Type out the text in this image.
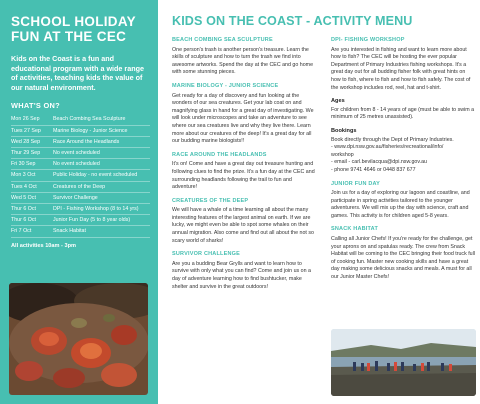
SCHOOL HOLIDAY
FUN AT THE CEC

Kids on the Coast is a fun and educational program with a wide range of activities, teaching kids the value of our natural environment.

WHAT'S ON?
Mon 26 Sep	Beach Combing Sea Sculpture
Tues 27 Sep	Marine Biology - Junior Science
Wed 28 Sep	Race Around the Headlands
Thur 29 Sep	No event scheduled
Fri 30 Sep	No event scheduled
Mon 3 Oct	Public Holiday - no event scheduled
Tues 4 Oct	Creatures of the Deep
Wed 5 Oct	Survivor Challenge
Thur 6 Oct	DPI - Fishing Workshop (8 to 14 yrs)
Thur 6 Oct	Junior Fun Day (5 to 8 year olds)
Fri 7 Oct	Snack Habitat

All activities 10am - 3pm

KIDS ON THE COAST - ACTIVITY MENU
BEACH COMBING SEA SCULPTURE

One person's trash is another person's treasure. Learn the skills of sculpture and how to turn the trash we find into awesome artworks. Spend the day at the CEC and go home with some stunning pieces.

MARINE BIOLOGY - JUNIOR SCIENCE

Get ready for a day of discovery and fun looking at the wonders of our sea creatures. Get your lab coat on and magnifying glass in hand for a great day of investigating. We will look under microscopes and take an adventure to see where our sea creatures live and why they live there. Learn more about our creatures of the deep! It's a great day for all our budding marine biologists!!

RACE AROUND THE HEADLANDS

It's on! Come and have a great day out treasure hunting and following clues to find the prize. It's a fun day at the CEC and surrounding headlands following the trail to fun and adventure!

CREATURES OF THE DEEP

We will have a whale of a time learning all about the many interesting features of the largest animal on earth. If we are lucky, we might even be able to spot some whales on their annual migration. Also come and find out all about the not so scary world of sharks!

SURVIVOR CHALLENGE

Are you a budding Bear Grylls and want to learn how to survive with only what you can find? Come and join us on a day of adventure learning how to find bushtucker, make shelter and survive in the great outdoors!

DPI- FISHING WORKSHOP

Are you interested in fishing and want to learn more about how to fish? The CEC will be hosting the ever popular Department of Primary Industries fishing workshops. It's a great day out for all budding fisher folk with great hints on how to fish, where to fish and how to fish safely. The cost of the workshop includes rod, reel, hat and t-shirt.

Ages

For children from 8 - 14 years of age (must be able to swim a minimum of 25 metres unassisted).

Bookings

Book directly through the Dept of Primary Industries.
- www.dpi.nsw.gov.au/fisheries/recreational/info/
workshop
- email - carl.bevilacqua@dpi.nsw.gov.au
- phone 9741 4646 or 0448 837 677

JUNIOR FUN DAY

Join us for a day of exploring our lagoon and coastline, and participate in spring activities tailored to the younger adventurers. We will mix up the day with science, craft and games. This activity is for children aged 5-8 years.

SNACK HABITAT

Calling all Junior Chefs! If you're ready for the challenge, get your aprons on and spatulas ready. The crew from Snack Habitat will be coming to the CEC bringing their food truck full of cooking fun. Master new cooking skills and have a great day making some delicious snacks and meals. A must for all our Junior Master Chefs!
